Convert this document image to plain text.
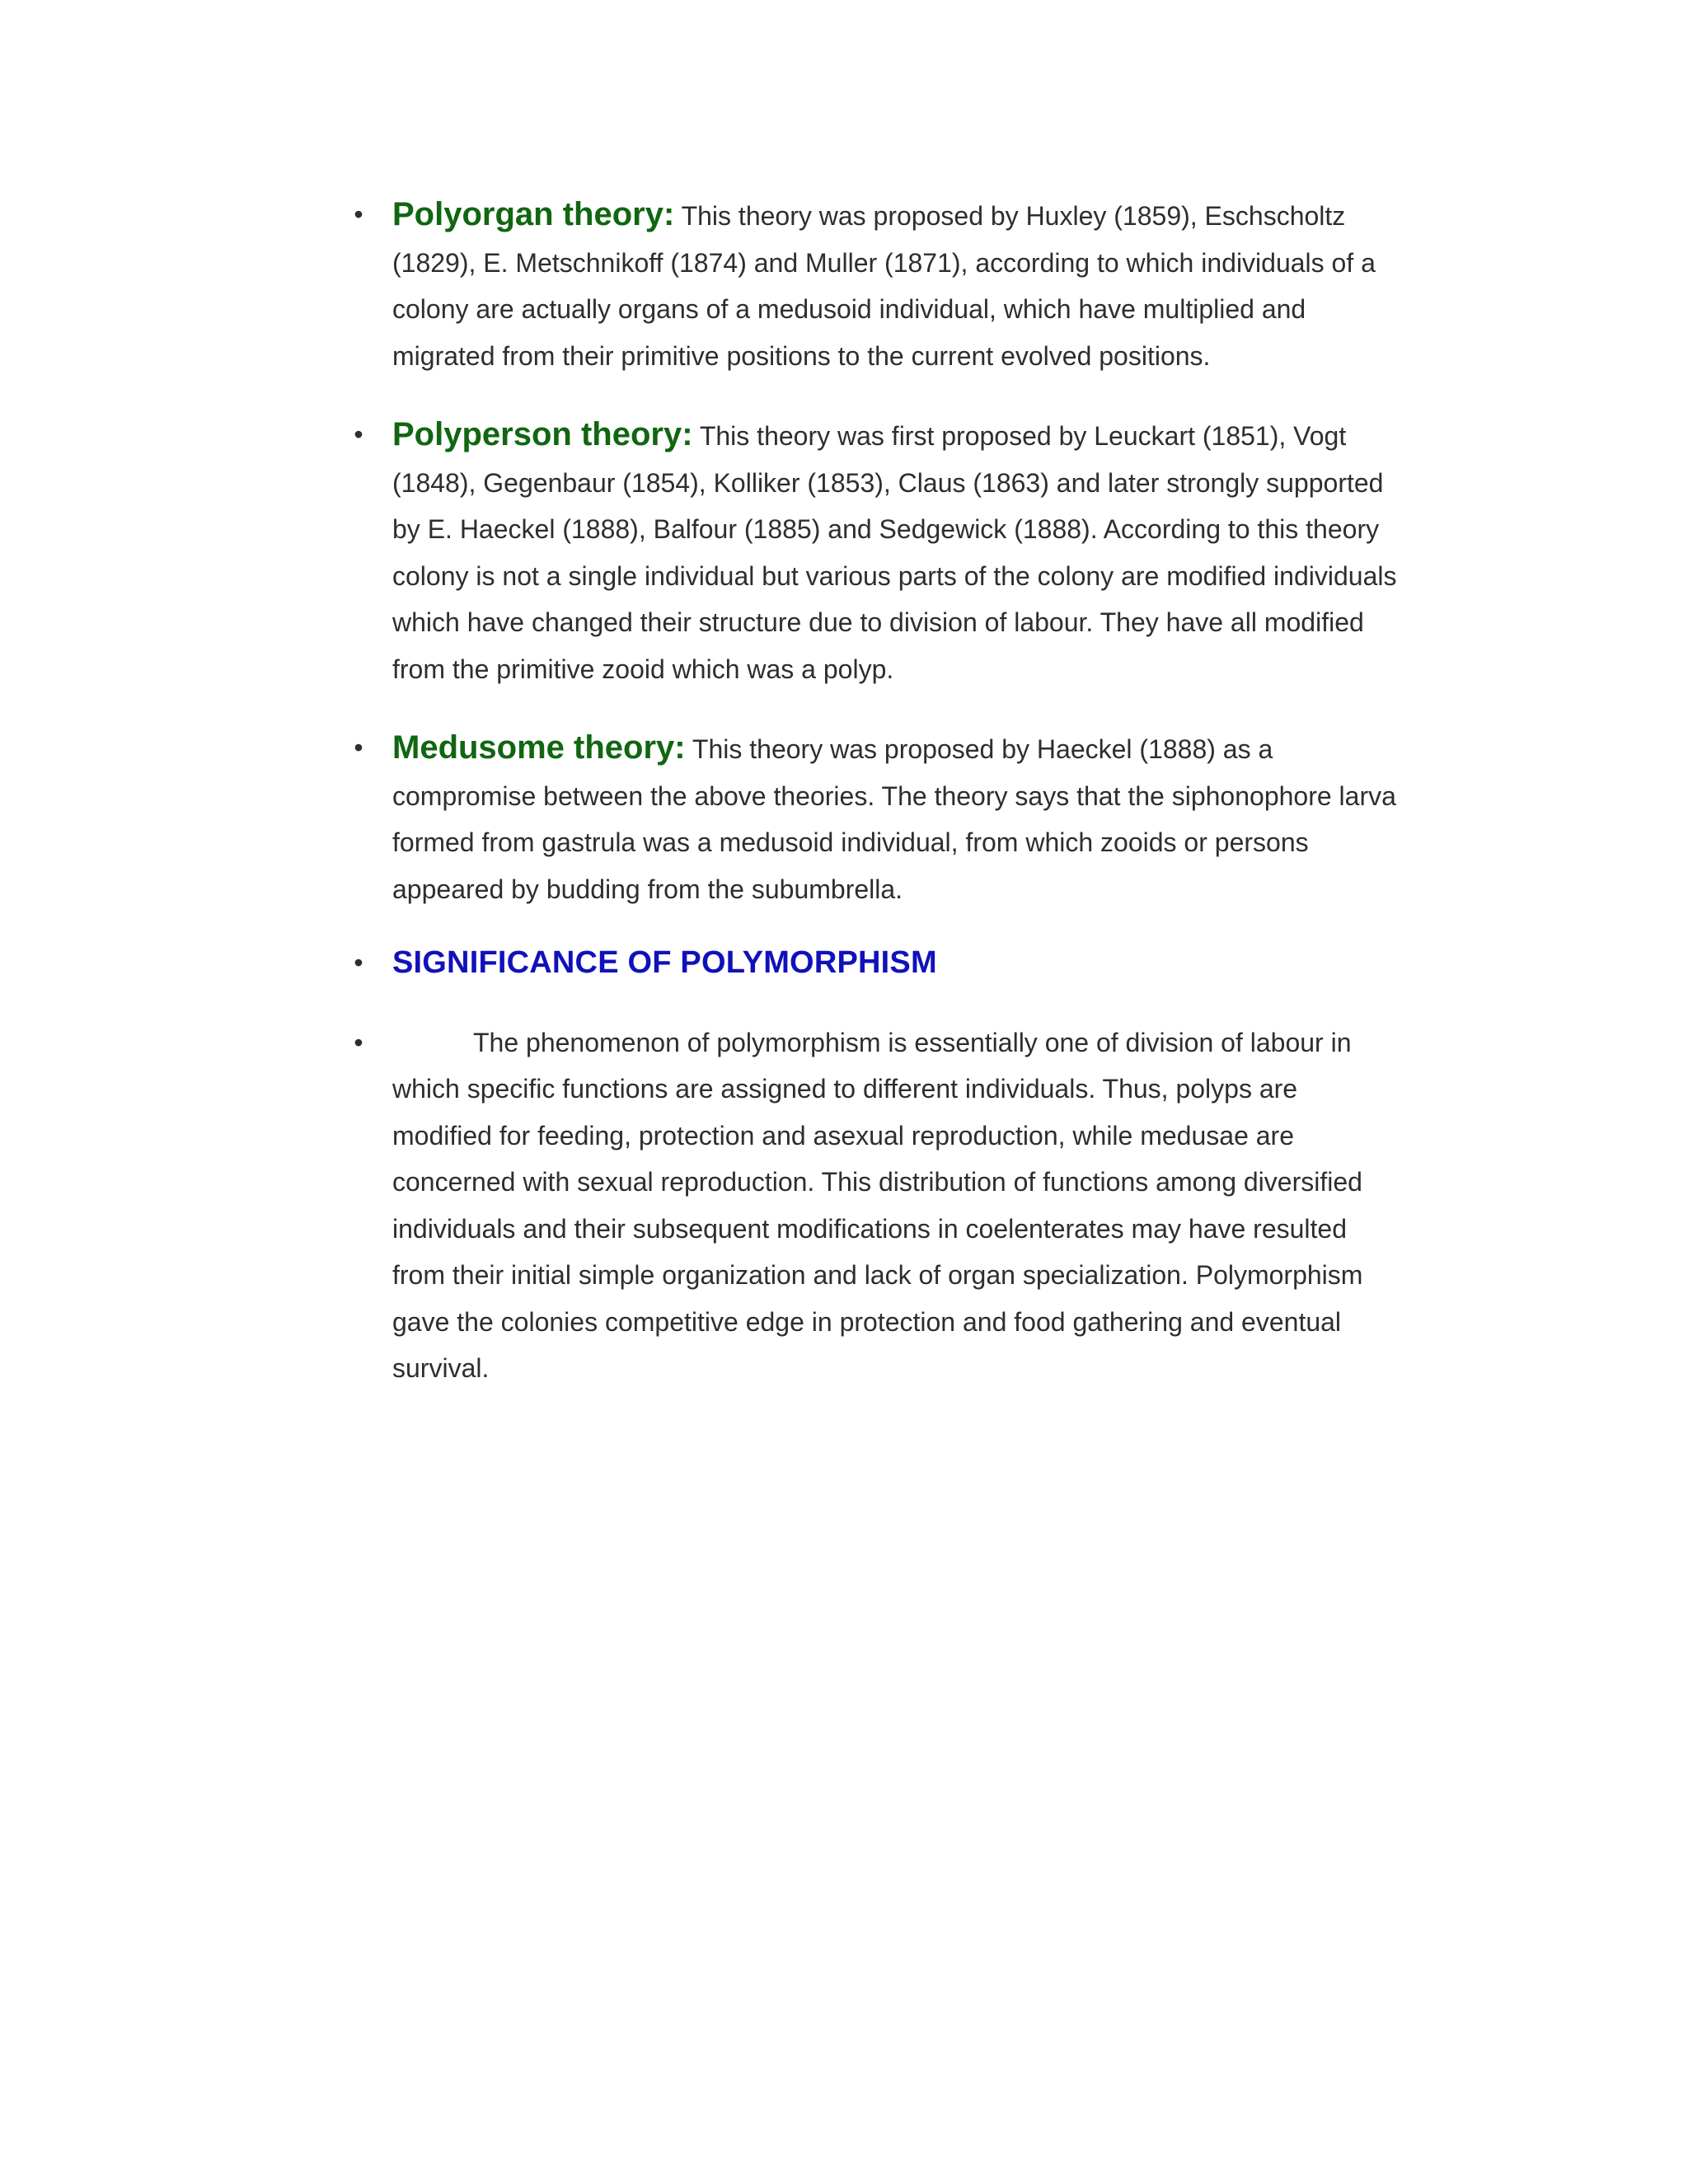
• Polyorgan theory: This theory was proposed by Huxley (1859), Eschscholtz
(1829), E. Metschnikoff (1874) and Muller (1871), according to which individuals of a
colony are actually organs of a medusoid individual, which have multiplied and
migrated from their primitive positions to the current evolved positions.
• Polyperson theory: This theory was first proposed by Leuckart (1851), Vogt
(1848), Gegenbaur (1854), Kolliker (1853), Claus (1863) and later strongly supported
by E. Haeckel (1888), Balfour (1885) and Sedgewick (1888). According to this theory
colony is not a single individual but various parts of the colony are modified individuals
which have changed their structure due to division of labour. They have all modified
from the primitive zooid which was a polyp.
• Medusome theory: This theory was proposed by Haeckel (1888) as a
compromise between the above theories. The theory says that the siphonophore larva
formed from gastrula was a medusoid individual, from which zooids or persons
appeared by budding from the subumbrella.
• SIGNIFICANCE OF POLYMORPHISM
•	The phenomenon of polymorphism is essentially one of division of labour in
which specific functions are assigned to different individuals. Thus, polyps are
modified for feeding, protection and asexual reproduction, while medusae are
concerned with sexual reproduction. This distribution of functions among diversified
individuals and their subsequent modifications in coelenterates may have resulted
from their initial simple organization and lack of organ specialization. Polymorphism
gave the colonies competitive edge in protection and food gathering and eventual
survival.
